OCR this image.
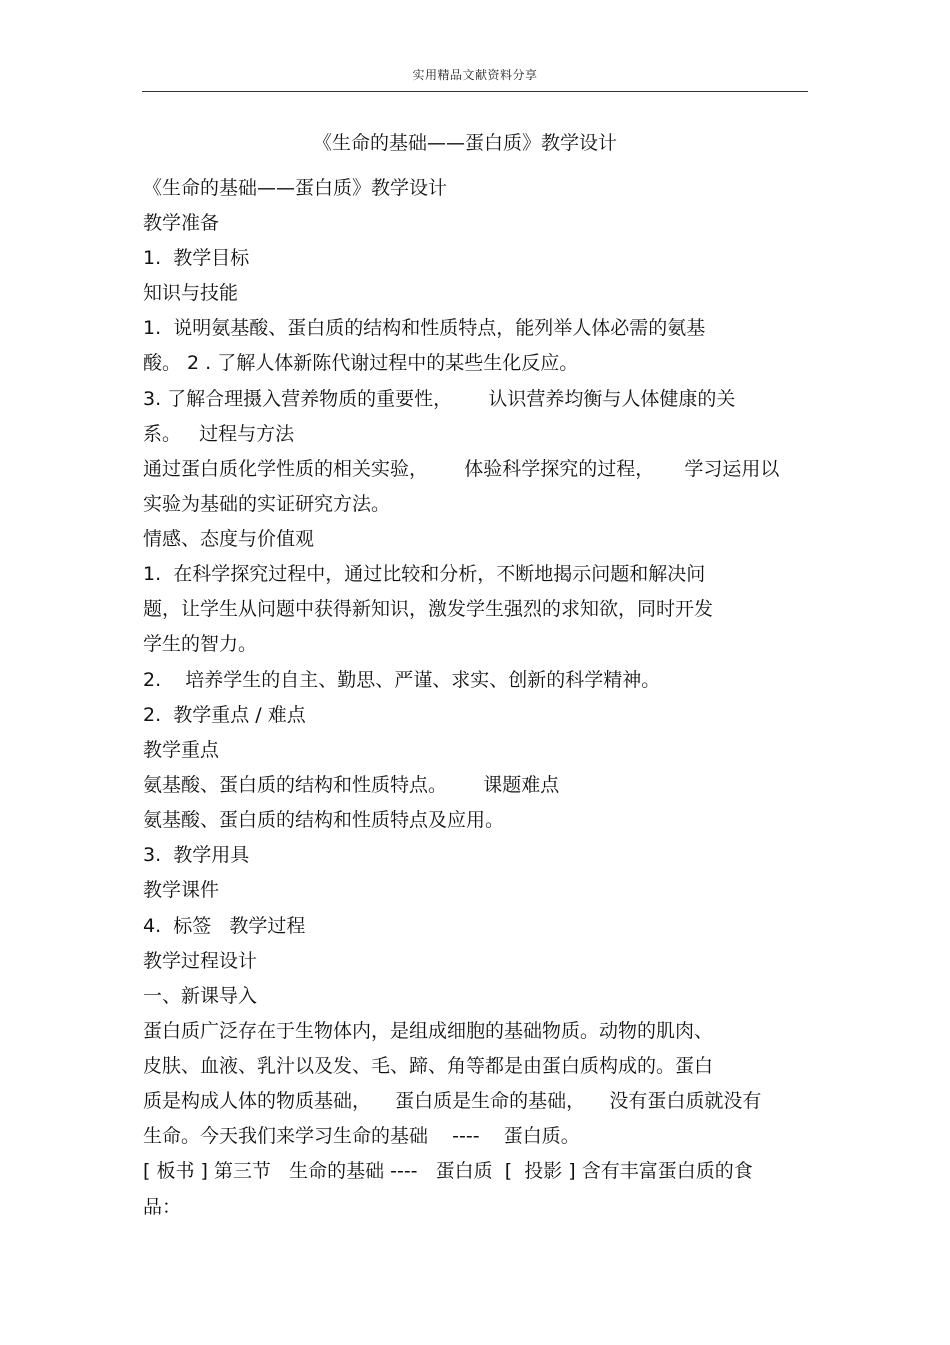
实用精品文献资料分享
《生命的基础——蛋白质》教学设计
《生命的基础——蛋白质》教学设计
教学准备
1.  教学目标
知识与技能
1.  说明氨基酸、蛋白质的结构和性质特点，能列举人体必需的氨基
酸。 2 . 了解人体新陈代谢过程中的某些生化反应。
3. 了解合理摄入营养物质的重要性，      认识营养均衡与人体健康的关
系。   过程与方法
通过蛋白质化学性质的相关实验，      体验科学探究的过程，     学习运用以
实验为基础的实证研究方法。
情感、态度与价值观
1.  在科学探究过程中，通过比较和分析，不断地揭示问题和解决问
题，让学生从问题中获得新知识，激发学生强烈的求知欲，同时开发
学生的智力。
2.    培养学生的自主、勤思、严谨、求实、创新的科学精神。
2.  教学重点 / 难点
教学重点
氨基酸、蛋白质的结构和性质特点。      课题难点
氨基酸、蛋白质的结构和性质特点及应用。
3.  教学用具
教学课件
4.  标签   教学过程
教学过程设计
一、新课导入
蛋白质广泛存在于生物体内，是组成细胞的基础物质。动物的肌肉、
皮肤、血液、乳汁以及发、毛、蹄、角等都是由蛋白质构成的。蛋白
质是构成人体的物质基础，    蛋白质是生命的基础，    没有蛋白质就没有
生命。今天我们来学习生命的基础    ----    蛋白质。
[ 板书 ] 第三节   生命的基础 ----   蛋白质  [  投影 ] 含有丰富蛋白质的食
品：
